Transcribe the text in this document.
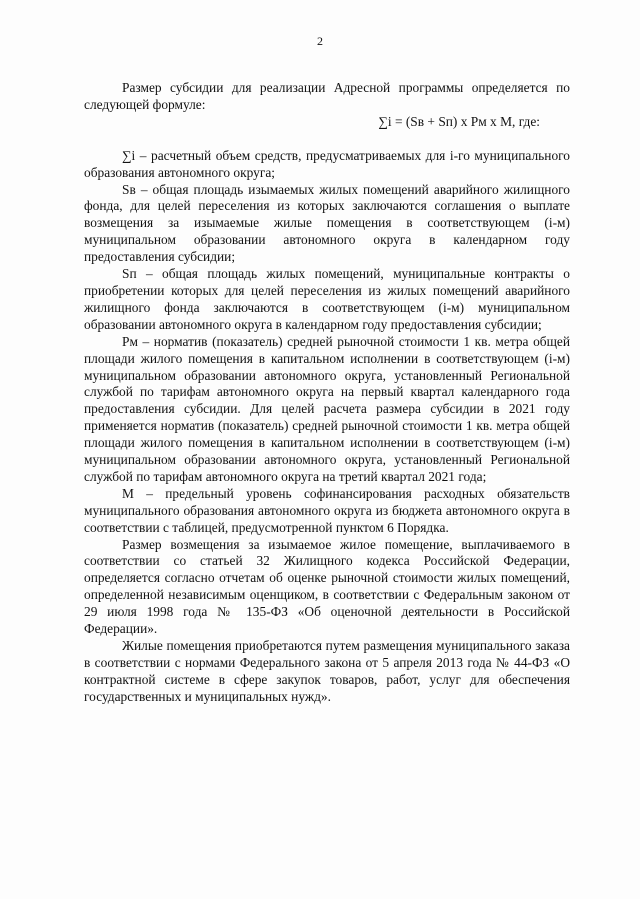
2

Размер субсидии для реализации Адресной программы определяется по следующей формуле:

∑i = (Sв + Sп) х Рм х М, где:

∑i – расчетный объем средств, предусматриваемых для i-го муниципального образования автономного округа;

Sв – общая площадь изымаемых жилых помещений аварийного жилищного фонда, для целей переселения из которых заключаются соглашения о выплате возмещения за изымаемые жилые помещения в соответствующем (i-м) муниципальном образовании автономного округа в календарном году предоставления субсидии;

Sп – общая площадь жилых помещений, муниципальные контракты о приобретении которых для целей переселения из жилых помещений аварийного жилищного фонда заключаются в соответствующем (i-м) муниципальном образовании автономного округа в календарном году предоставления субсидии;

Рм – норматив (показатель) средней рыночной стоимости 1 кв. метра общей площади жилого помещения в капитальном исполнении в соответствующем (i-м) муниципальном образовании автономного округа, установленный Региональной службой по тарифам автономного округа на первый квартал календарного года предоставления субсидии. Для целей расчета размера субсидии в 2021 году применяется норматив (показатель) средней рыночной стоимости 1 кв. метра общей площади жилого помещения в капитальном исполнении в соответствующем (i-м) муниципальном образовании автономного округа, установленный Региональной службой по тарифам автономного округа на третий квартал 2021 года;

М – предельный уровень софинансирования расходных обязательств муниципального образования автономного округа из бюджета автономного округа в соответствии с таблицей, предусмотренной пунктом 6 Порядка.

Размер возмещения за изымаемое жилое помещение, выплачиваемого в соответствии со статьей 32 Жилищного кодекса Российской Федерации, определяется согласно отчетам об оценке рыночной стоимости жилых помещений, определенной независимым оценщиком, в соответствии с Федеральным законом от 29 июля 1998 года № 135-ФЗ «Об оценочной деятельности в Российской Федерации».

Жилые помещения приобретаются путем размещения муниципального заказа в соответствии с нормами Федерального закона от 5 апреля 2013 года № 44-ФЗ «О контрактной системе в сфере закупок товаров, работ, услуг для обеспечения государственных и муниципальных нужд».
